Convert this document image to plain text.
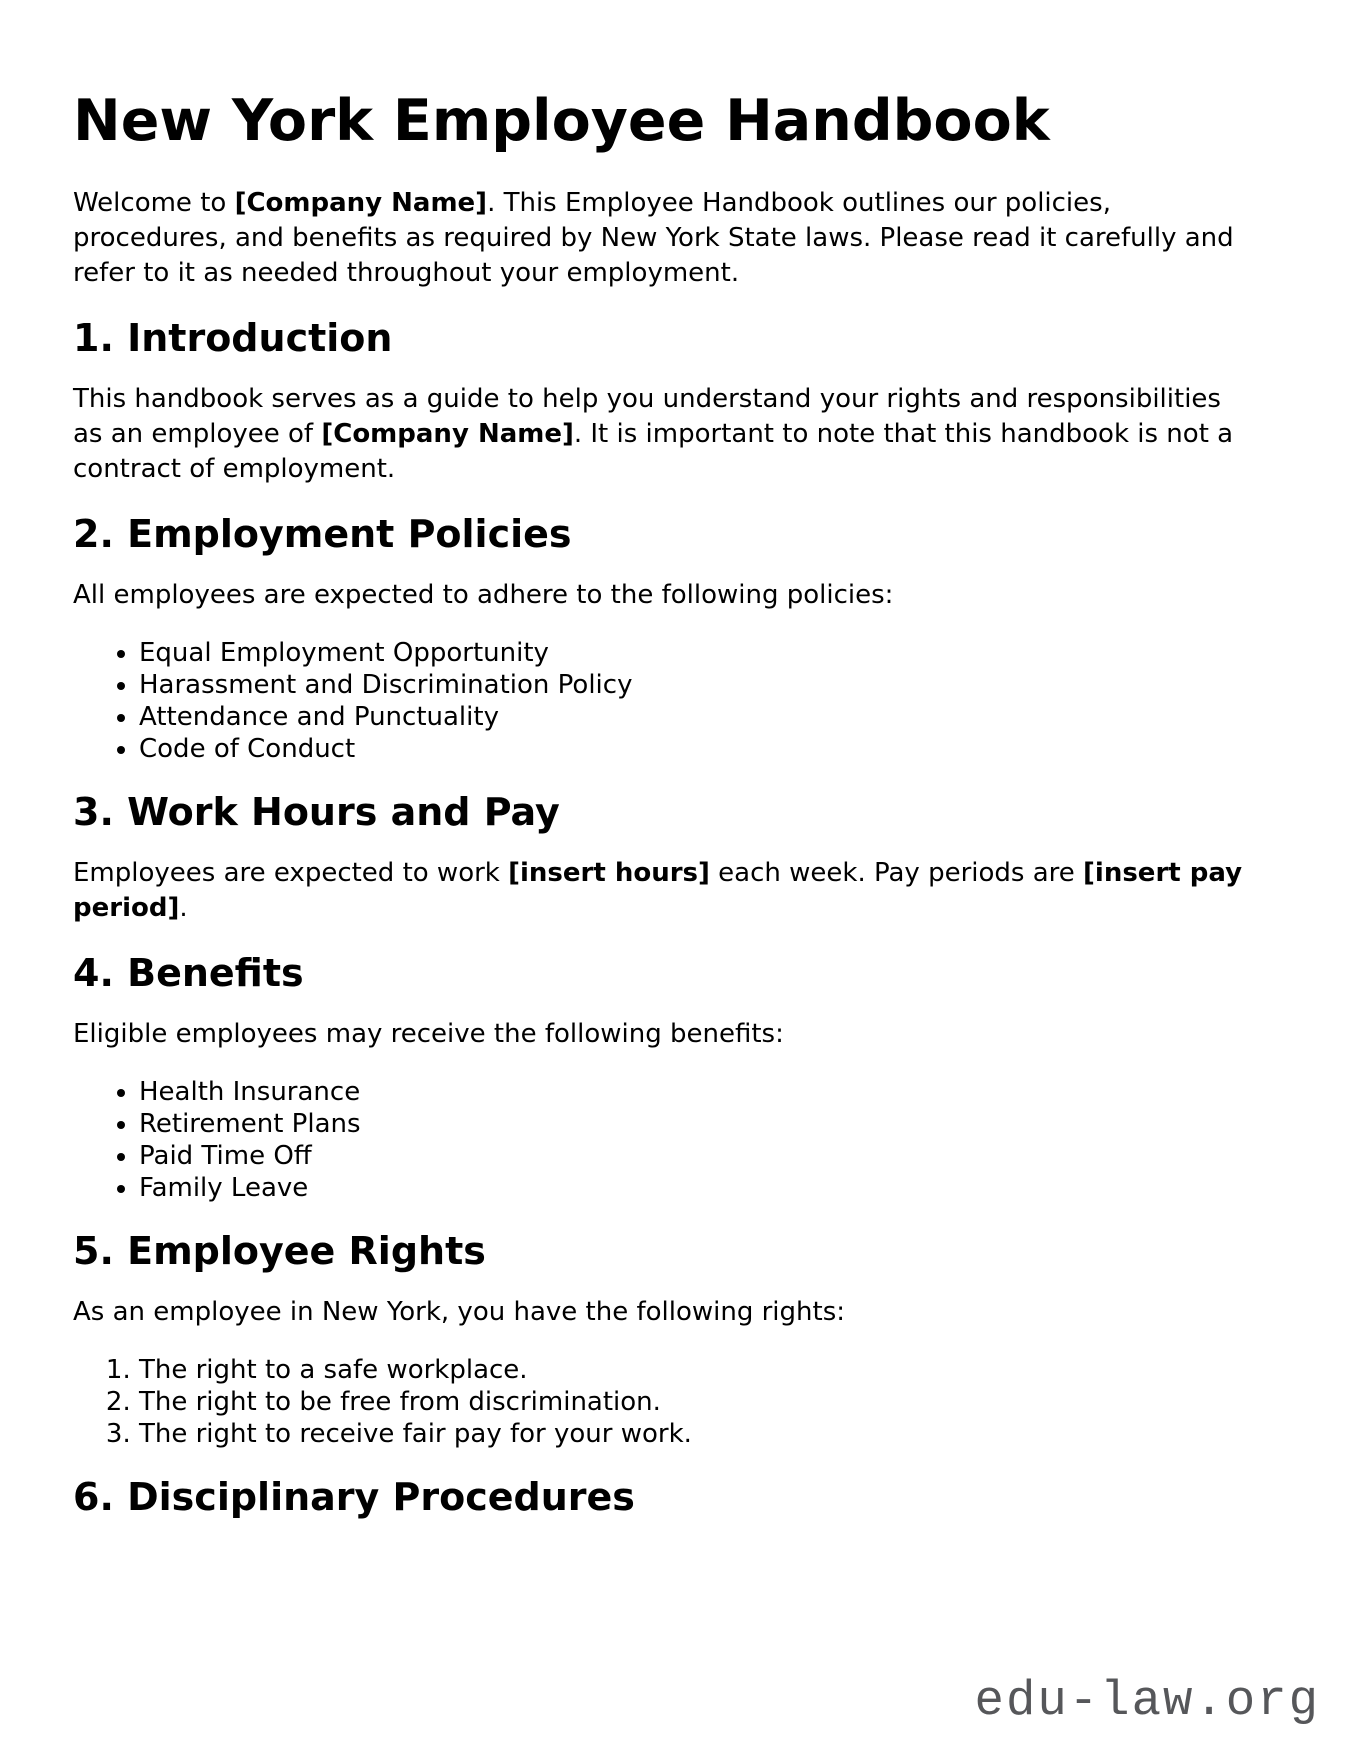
New York Employee Handbook

Welcome to [Company Name]. This Employee Handbook outlines our policies, procedures, and benefits as required by New York State laws. Please read it carefully and refer to it as needed throughout your employment.

1. Introduction

This handbook serves as a guide to help you understand your rights and responsibilities as an employee of [Company Name]. It is important to note that this handbook is not a contract of employment.

2. Employment Policies

All employees are expected to adhere to the following policies:

• Equal Employment Opportunity
• Harassment and Discrimination Policy
• Attendance and Punctuality
• Code of Conduct
3. Work Hours and Pay

Employees are expected to work [insert hours] each week. Pay periods are [insert pay period].

4. Benefits

Eligible employees may receive the following benefits:

• Health Insurance
• Retirement Plans
• Paid Time Off
• Family Leave
5. Employee Rights

As an employee in New York, you have the following rights:

1. The right to a safe workplace.
2. The right to be free from discrimination.
3. The right to receive fair pay for your work.
6. Disciplinary Procedures
edu-law.org
